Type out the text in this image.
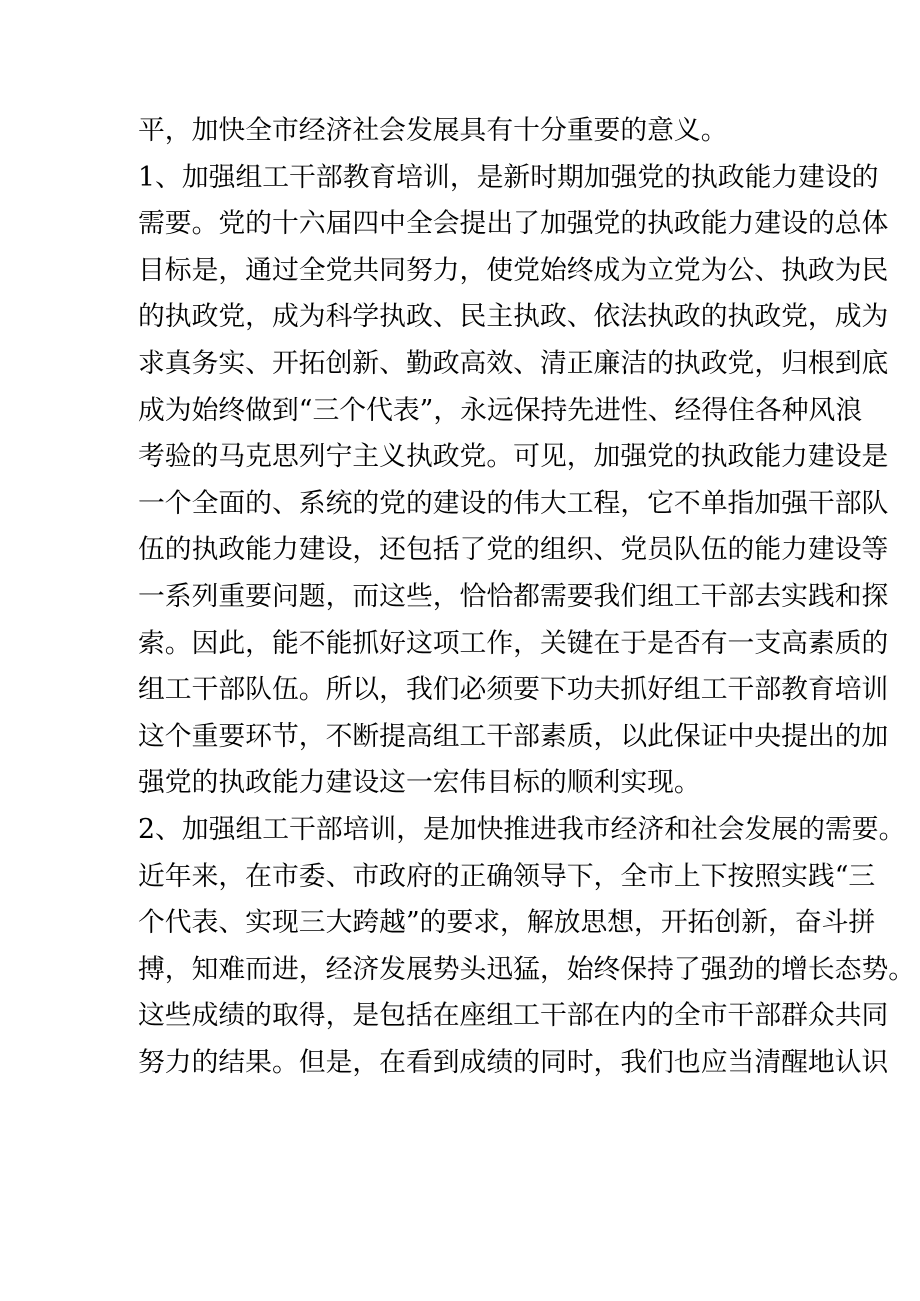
平，加快全市经济社会发展具有十分重要的意义。
1、加强组工干部教育培训，是新时期加强党的执政能力建设的
需要。党的十六届四中全会提出了加强党的执政能力建设的总体
目标是，通过全党共同努力，使党始终成为立党为公、执政为民
的执政党，成为科学执政、民主执政、依法执政的执政党，成为
求真务实、开拓创新、勤政高效、清正廉洁的执政党，归根到底
成为始终做到“三个代表”，永远保持先进性、经得住各种风浪
考验的马克思列宁主义执政党。可见，加强党的执政能力建设是
一个全面的、系统的党的建设的伟大工程，它不单指加强干部队
伍的执政能力建设，还包括了党的组织、党员队伍的能力建设等
一系列重要问题，而这些，恰恰都需要我们组工干部去实践和探
索。因此，能不能抓好这项工作，关键在于是否有一支高素质的
组工干部队伍。所以，我们必须要下功夫抓好组工干部教育培训
这个重要环节，不断提高组工干部素质，以此保证中央提出的加
强党的执政能力建设这一宏伟目标的顺利实现。
2、加强组工干部培训，是加快推进我市经济和社会发展的需要。
近年来，在市委、市政府的正确领导下，全市上下按照实践“三
个代表、实现三大跨越”的要求，解放思想，开拓创新，奋斗拼
搏，知难而进，经济发展势头迅猛，始终保持了强劲的增长态势。
这些成绩的取得，是包括在座组工干部在内的全市干部群众共同
努力的结果。但是，在看到成绩的同时，我们也应当清醒地认识
